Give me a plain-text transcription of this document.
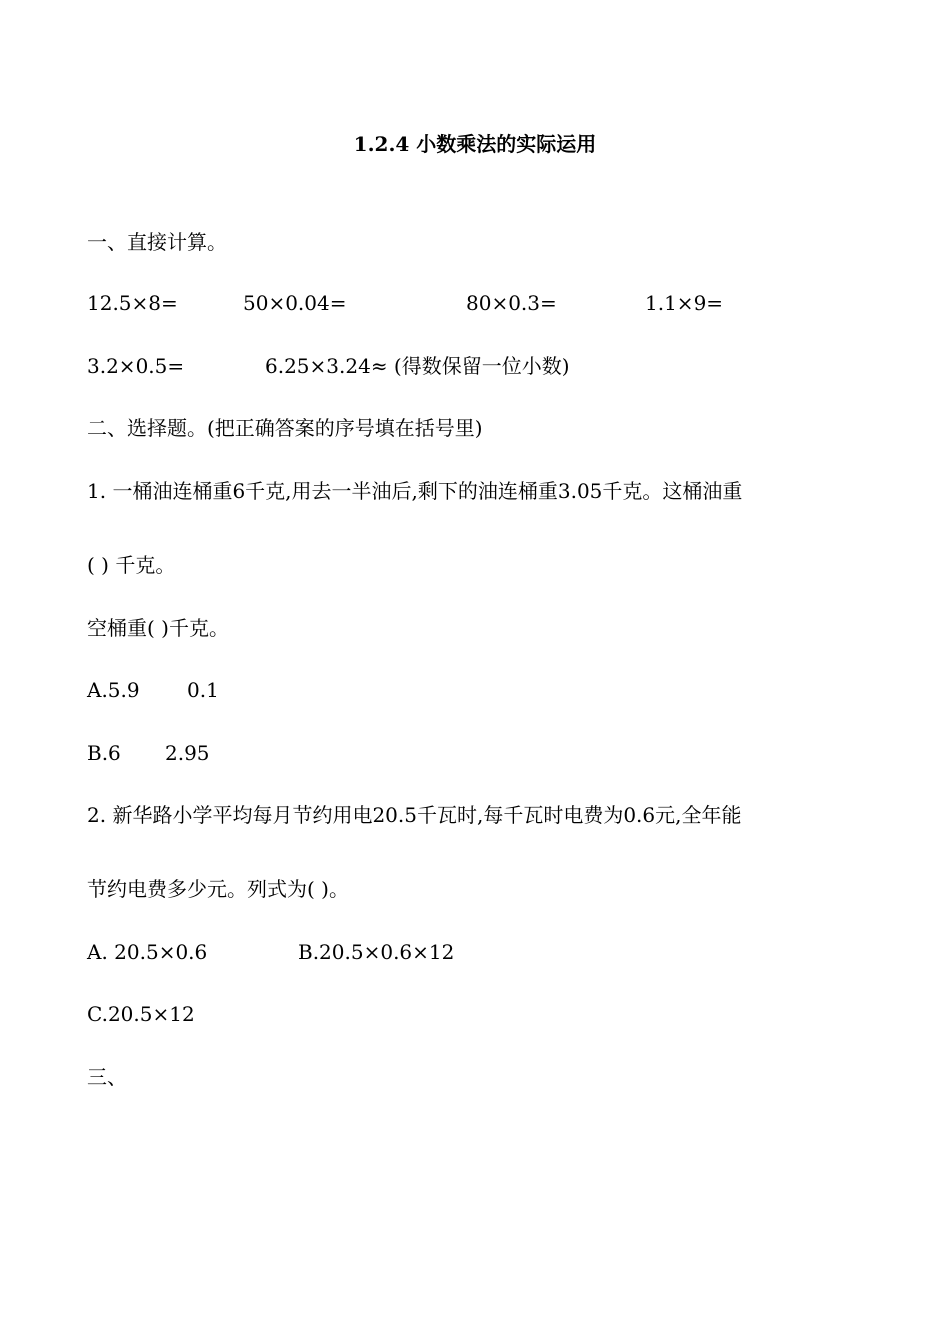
1.2.4 小数乘法的实际运用
一、直接计算。
12.5×8=	50×0.04=	80×0.3=	1.1×9=
3.2×0.5=	6.25×3.24≈ (得数保留一位小数)
二、选择题。(把正确答案的序号填在括号里)
1. 一桶油连桶重6千克,用去一半油后,剩下的油连桶重3.05千克。这桶油重
( ) 千克。
空桶重( )千克。
A.5.9 0.1
B.6 2.95
2. 新华路小学平均每月节约用电20.5千瓦时,每千瓦时电费为0.6元,全年能
节约电费多少元。列式为( )。
A. 20.5×0.6	B.20.5×0.6×12
C.20.5×12
三、
